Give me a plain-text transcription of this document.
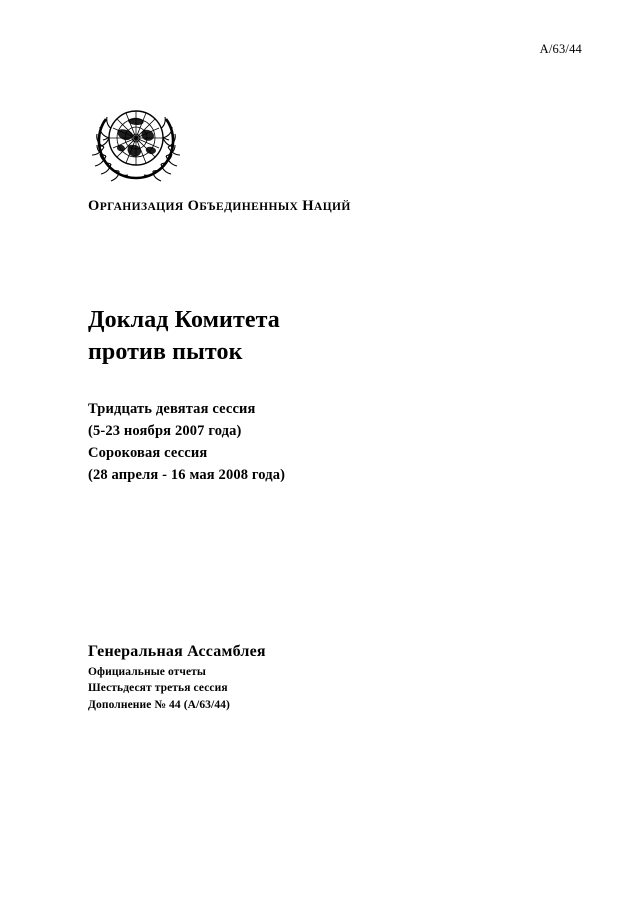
A/63/44
ОРГАНИЗАЦИЯ ОБЪЕДИНЕННЫХ НАЦИЙ
Доклад Комитета
против пыток
Тридцать девятая сессия
(5-23 ноября 2007 года)
Сороковая сессия
(28 апреля - 16 мая 2008 года)
Генеральная Ассамблея
Официальные отчеты
Шестьдесят третья сессия
Дополнение № 44 (A/63/44)
